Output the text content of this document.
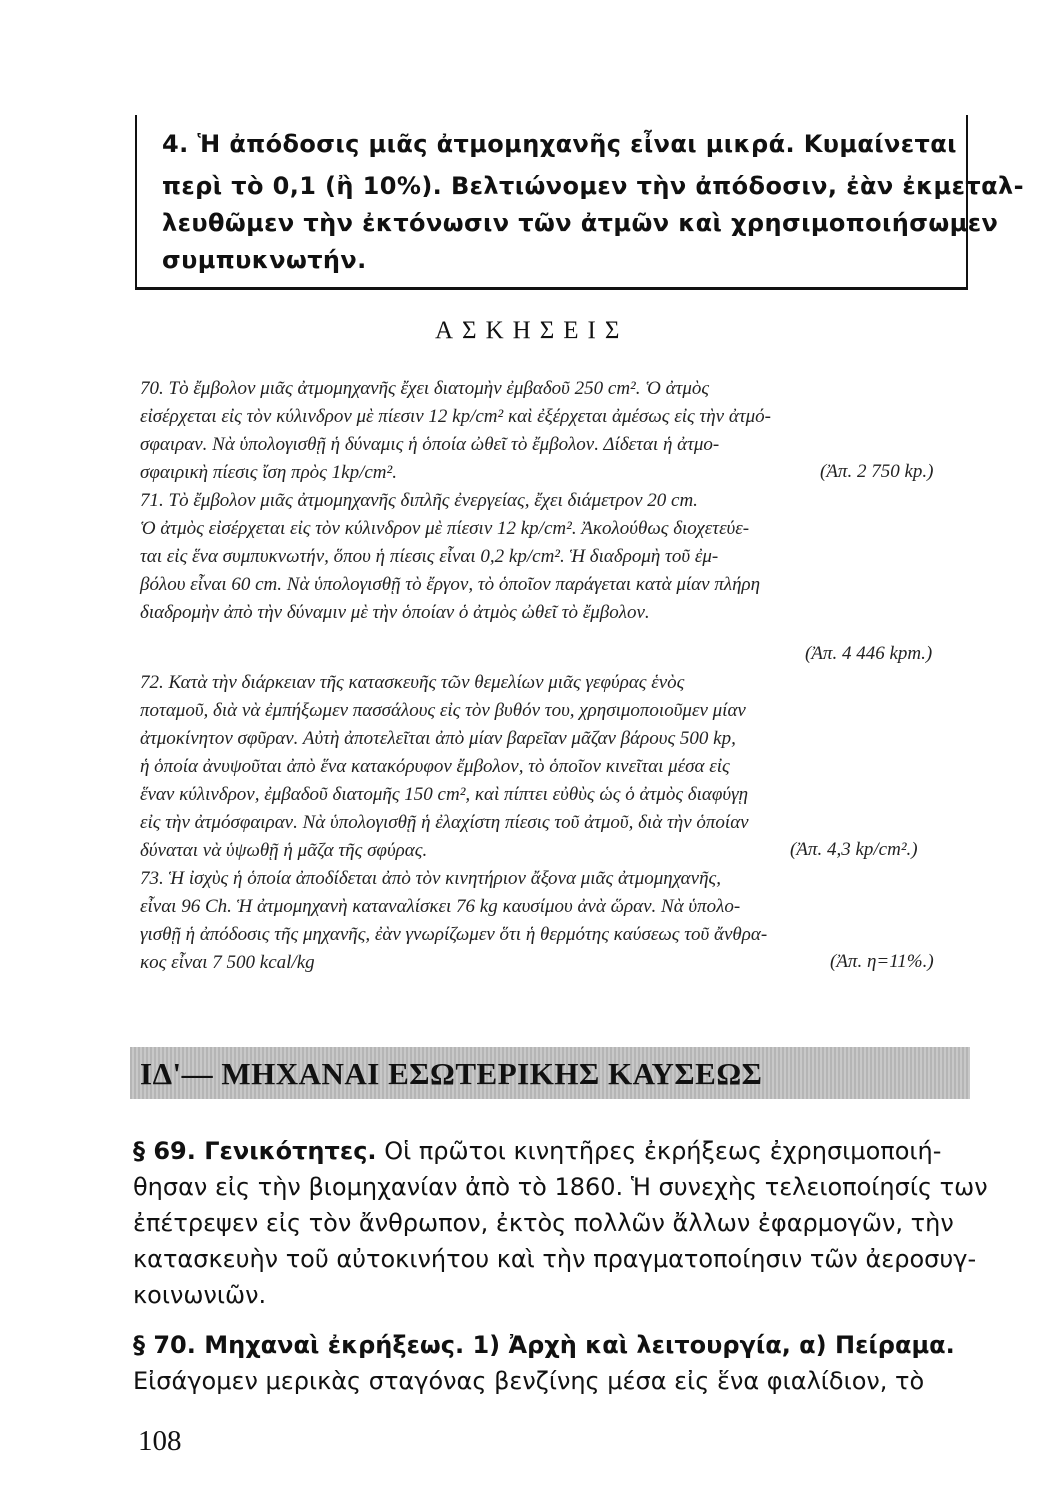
4. Ἡ ἀπόδοσις μιᾶς ἀτμομηχανῆς εἶναι μικρά. Κυμαίνεται
περὶ τὸ 0,1 (ἢ 10%). Βελτιώνομεν τὴν ἀπόδοσιν, ἐὰν ἐκμεταλ-
λευθῶμεν τὴν ἐκτόνωσιν τῶν ἀτμῶν καὶ χρησιμοποιήσωμεν
συμπυκνωτήν.
ΑΣΚΗΣΕΙΣ
70. Τὸ ἔμβολον μιᾶς ἀτμομηχανῆς ἔχει διατομὴν ἐμβαδοῦ 250 cm². Ὁ ἀτμὸς
εἰσέρχεται εἰς τὸν κύλινδρον μὲ πίεσιν 12 kp/cm² καὶ ἐξέρχεται ἀμέσως εἰς τὴν ἀτμό-
σφαιραν. Νὰ ὑπολογισθῇ ἡ δύναμις ἡ ὁποία ὠθεῖ τὸ ἔμβολον. Δίδεται ἡ ἀτμο-
σφαιρικὴ πίεσις ἴση πρὸς 1kp/cm².	(Ἀπ. 2 750 kp.)
71. Τὸ ἔμβολον μιᾶς ἀτμομηχανῆς διπλῆς ἐνεργείας, ἔχει διάμετρον 20 cm.
Ὁ ἀτμὸς εἰσέρχεται εἰς τὸν κύλινδρον μὲ πίεσιν 12 kp/cm². Ἀκολούθως διοχετεύε-
ται εἰς ἕνα συμπυκνωτήν, ὅπου ἡ πίεσις εἶναι 0,2 kp/cm². Ἡ διαδρομὴ τοῦ ἐμ-
βόλου εἶναι 60 cm. Νὰ ὑπολογισθῇ τὸ ἔργον, τὸ ὁποῖον παράγεται κατὰ μίαν πλήρη
διαδρομὴν ἀπὸ τὴν δύναμιν μὲ τὴν ὁποίαν ὁ ἀτμὸς ὠθεῖ τὸ ἔμβολον.
(Ἀπ. 4 446 kpm.)
72. Κατὰ τὴν διάρκειαν τῆς κατασκευῆς τῶν θεμελίων μιᾶς γεφύρας ἑνὸς
ποταμοῦ, διὰ νὰ ἐμπήξωμεν πασσάλους εἰς τὸν βυθόν του, χρησιμοποιοῦμεν μίαν
ἀτμοκίνητον σφῦραν. Αὐτὴ ἀποτελεῖται ἀπὸ μίαν βαρεῖαν μᾶζαν βάρους 500 kp,
ἡ ὁποία ἀνυψοῦται ἀπὸ ἕνα κατακόρυφον ἔμβολον, τὸ ὁποῖον κινεῖται μέσα εἰς
ἕναν κύλινδρον, ἐμβαδοῦ διατομῆς 150 cm², καὶ πίπτει εὐθὺς ὡς ὁ ἀτμὸς διαφύγῃ
εἰς τὴν ἀτμόσφαιραν. Νὰ ὑπολογισθῇ ἡ ἐλαχίστη πίεσις τοῦ ἀτμοῦ, διὰ τὴν ὁποίαν
δύναται νὰ ὑψωθῇ ἡ μᾶζα τῆς σφύρας.	(Ἀπ. 4,3 kp/cm².)
73. Ἡ ἰσχὺς ἡ ὁποία ἀποδίδεται ἀπὸ τὸν κινητήριον ἄξονα μιᾶς ἀτμομηχανῆς,
εἶναι 96 Ch. Ἡ ἀτμομηχανὴ καταναλίσκει 76 kg καυσίμου ἀνὰ ὥραν. Νὰ ὑπολο-
γισθῇ ἡ ἀπόδοσις τῆς μηχανῆς, ἐὰν γνωρίζωμεν ὅτι ἡ θερμότης καύσεως τοῦ ἄνθρα-
κος εἶναι 7 500 kcal/kg	(Ἀπ. η=11%.)
ΙΔ'— ΜΗΧΑΝΑΙ ΕΣΩΤΕΡΙΚΗΣ ΚΑΥΣΕΩΣ
§ 69. Γενικότητες. Οἱ πρῶτοι κινητῆρες ἐκρήξεως ἐχρησιμοποιή-
θησαν εἰς τὴν βιομηχανίαν ἀπὸ τὸ 1860. Ἡ συνεχὴς τελειοποίησίς των
ἐπέτρεψεν εἰς τὸν ἄνθρωπον, ἐκτὸς πολλῶν ἄλλων ἐφαρμογῶν, τὴν
κατασκευὴν τοῦ αὐτοκινήτου καὶ τὴν πραγματοποίησιν τῶν ἀεροσυγ-
κοινωνιῶν.
§ 70. Μηχαναὶ ἐκρήξεως. 1) Ἀρχὴ καὶ λειτουργία, α) Πείραμα.
Εἰσάγομεν μερικὰς σταγόνας βενζίνης μέσα εἰς ἕνα φιαλίδιον, τὸ
108
